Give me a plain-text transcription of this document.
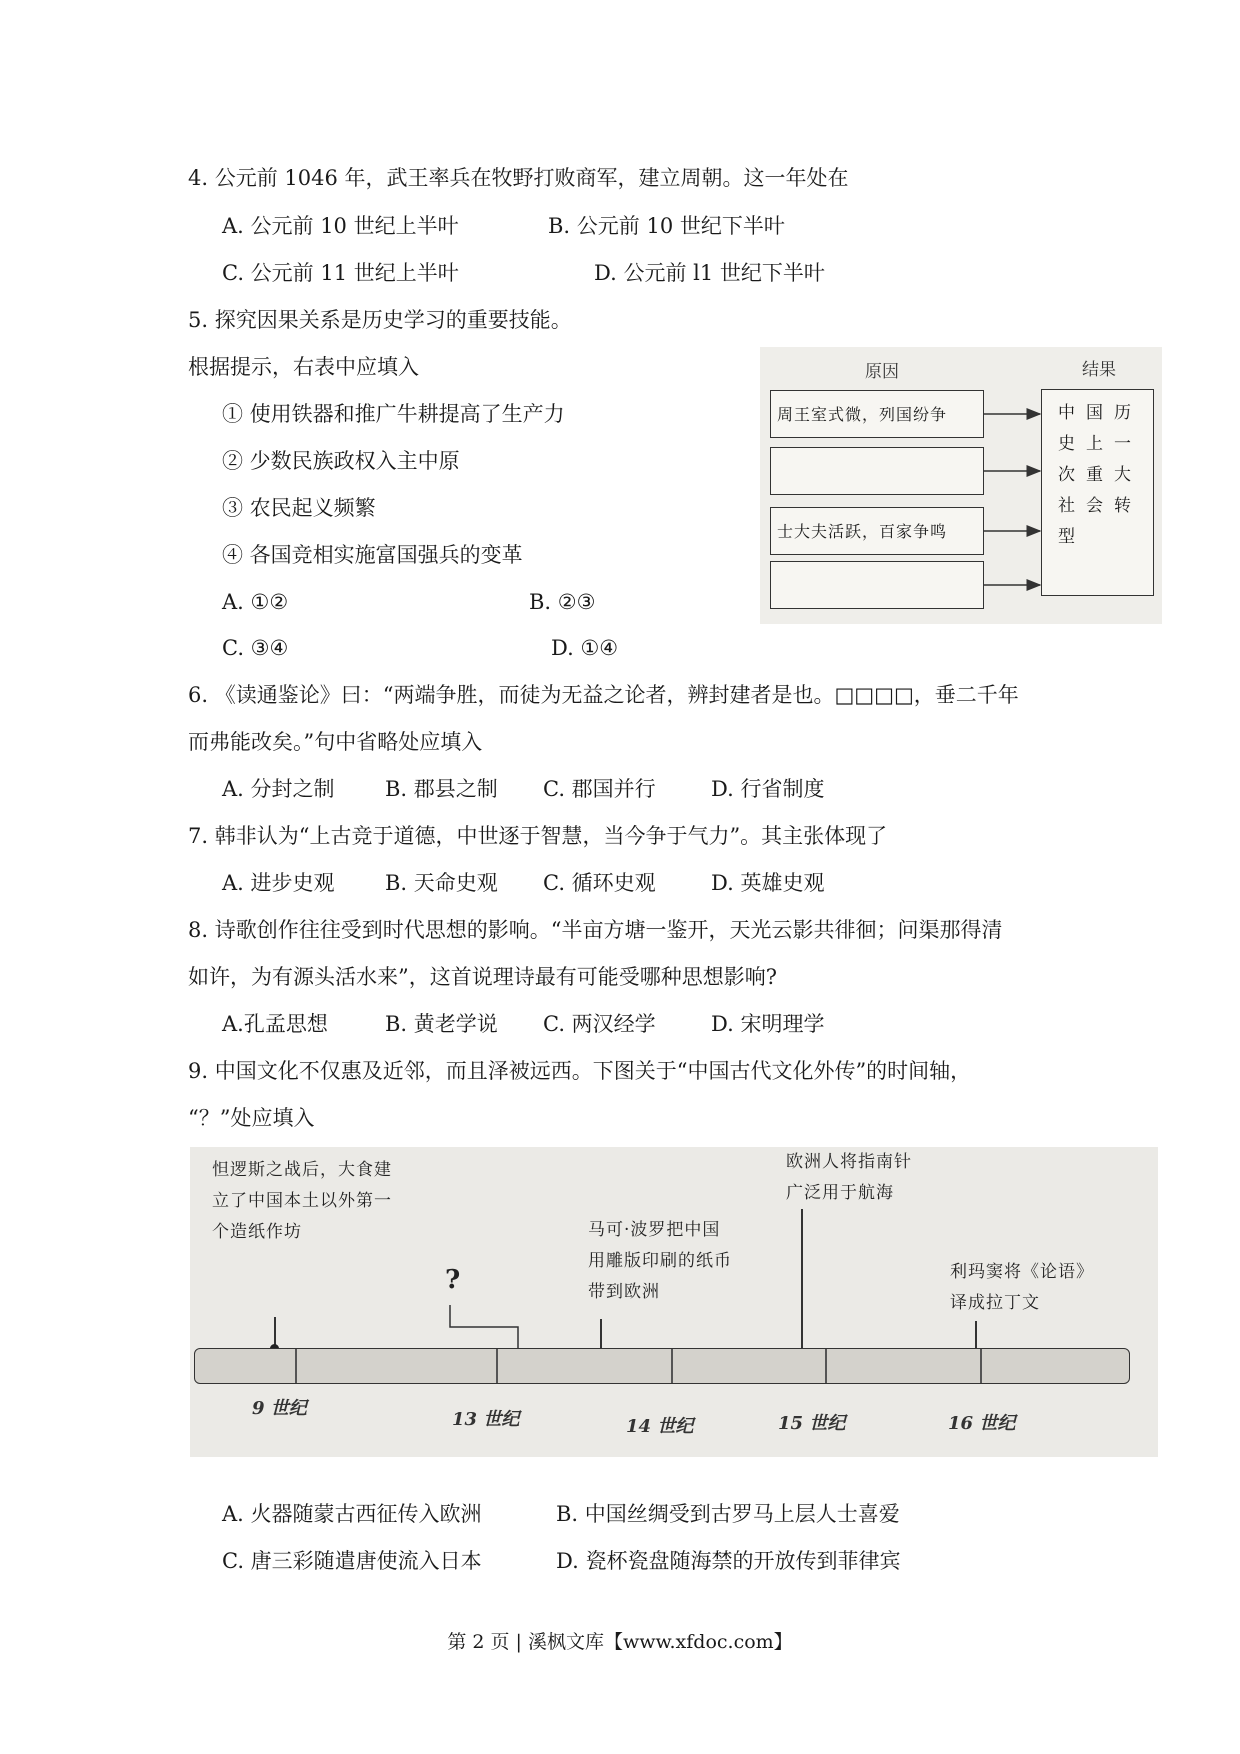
4. 公元前 1046 年，武王率兵在牧野打败商军，建立周朝。这一年处在
A. 公元前 10 世纪上半叶	B. 公元前 10 世纪下半叶
C. 公元前 11 世纪上半叶	D. 公元前 l1 世纪下半叶
5. 探究因果关系是历史学习的重要技能。
根据提示，右表中应填入
① 使用铁器和推广牛耕提高了生产力
② 少数民族政权入主中原
③ 农民起义频繁
④ 各国竞相实施富国强兵的变革
A. ①②	B. ②③
C. ③④	D. ①④
原因	结果
周王室式微，列国纷争
士大夫活跃，百家争鸣
中 国 历
史 上 一
次 重 大
社 会 转
型
6. 《读通鉴论》曰：“两端争胜，而徒为无益之论者，辨封建者是也。□□□□，垂二千年
而弗能改矣。”句中省略处应填入
A. 分封之制 B. 郡县之制 C. 郡国并行	D. 行省制度
7. 韩非认为“上古竞于道德，中世逐于智慧，当今争于气力”。其主张体现了
A. 进步史观 B. 天命史观 C. 循环史观	D. 英雄史观
8. 诗歌创作往往受到时代思想的影响。“半亩方塘一鉴开，天光云影共徘徊；问渠那得清
如许，为有源头活水来”，这首说理诗最有可能受哪种思想影响?
A.孔孟思想	B. 黄老学说 C. 两汉经学	D. 宋明理学
9. 中国文化不仅惠及近邻，而且泽被远西。下图关于“中国古代文化外传”的时间轴，
“？”处应填入
怛逻斯之战后，大食建
立了中国本土以外第一
个造纸作坊	马可·波罗把中国
用雕版印刷的纸币
带到欧洲
欧洲人将指南针
广泛用于航海
利玛窦将《论语》
译成拉丁文
?
9 世纪
13 世纪	14 世纪	15 世纪	16 世纪
A. 火器随蒙古西征传入欧洲	B. 中国丝绸受到古罗马上层人士喜爱
C. 唐三彩随遣唐使流入日本	D. 瓷杯瓷盘随海禁的开放传到菲律宾
第 2 页 | 溪枫文库【www.xfdoc.com】
